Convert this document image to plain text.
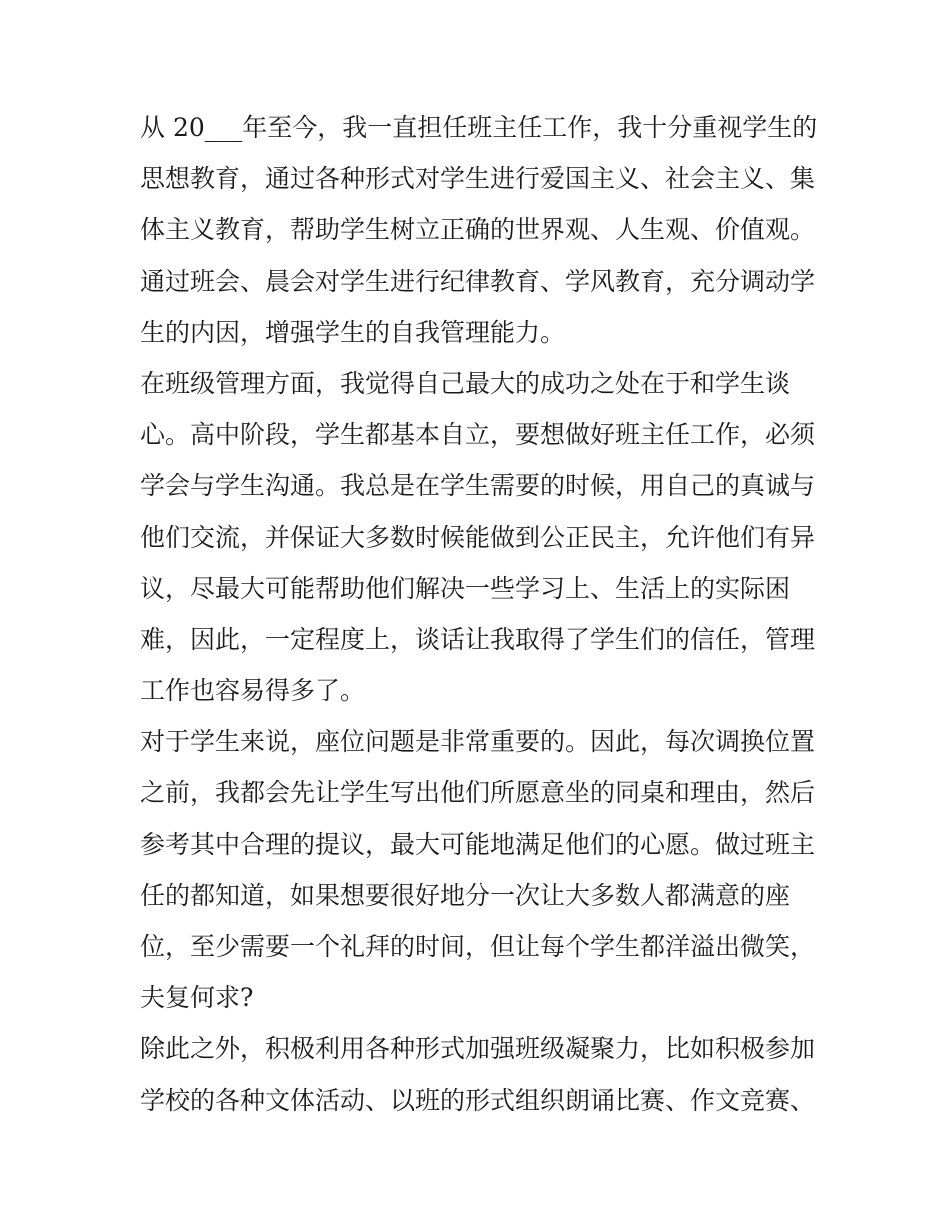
从 20___年至今，我一直担任班主任工作，我十分重视学生的
思想教育，通过各种形式对学生进行爱国主义、社会主义、集
体主义教育，帮助学生树立正确的世界观、人生观、价值观。
通过班会、晨会对学生进行纪律教育、学风教育，充分调动学
生的内因，增强学生的自我管理能力。
在班级管理方面，我觉得自己最大的成功之处在于和学生谈
心。高中阶段，学生都基本自立，要想做好班主任工作，必须
学会与学生沟通。我总是在学生需要的时候，用自己的真诚与
他们交流，并保证大多数时候能做到公正民主，允许他们有异
议，尽最大可能帮助他们解决一些学习上、生活上的实际困
难，因此，一定程度上，谈话让我取得了学生们的信任，管理
工作也容易得多了。
对于学生来说，座位问题是非常重要的。因此，每次调换位置
之前，我都会先让学生写出他们所愿意坐的同桌和理由，然后
参考其中合理的提议，最大可能地满足他们的心愿。做过班主
任的都知道，如果想要很好地分一次让大多数人都满意的座
位，至少需要一个礼拜的时间，但让每个学生都洋溢出微笑，
夫复何求?
除此之外，积极利用各种形式加强班级凝聚力，比如积极参加
学校的各种文体活动、以班的形式组织朗诵比赛、作文竞赛、
